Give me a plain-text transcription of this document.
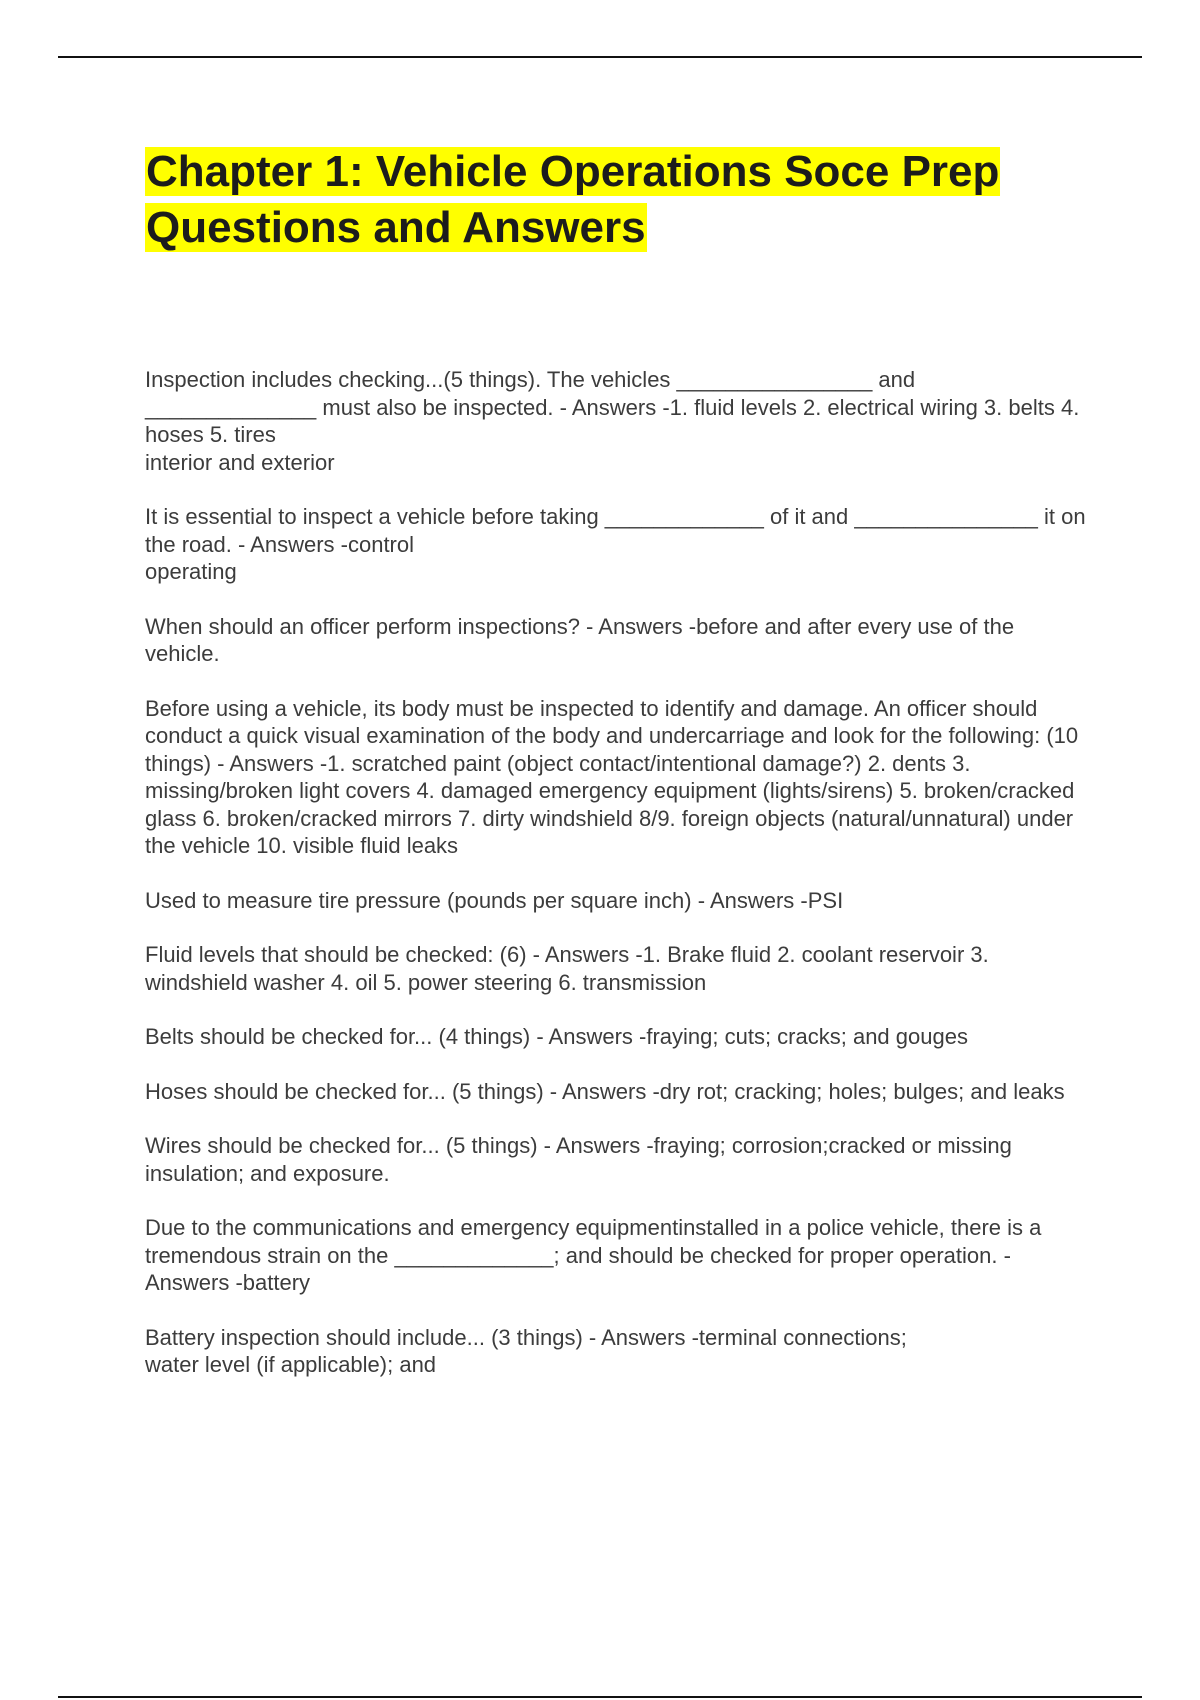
Chapter 1: Vehicle Operations Soce Prep Questions and Answers

Inspection includes checking...(5 things). The vehicles ________________ and ______________ must also be inspected. - Answers -1. fluid levels 2. electrical wiring 3. belts 4. hoses 5. tires
interior and exterior

It is essential to inspect a vehicle before taking _____________ of it and _______________ it on the road. - Answers -control
operating

When should an officer perform inspections? - Answers -before and after every use of the vehicle.

Before using a vehicle, its body must be inspected to identify and damage. An officer should conduct a quick visual examination of the body and undercarriage and look for the following: (10 things) - Answers -1. scratched paint (object contact/intentional damage?) 2. dents 3. missing/broken light covers 4. damaged emergency equipment (lights/sirens) 5. broken/cracked glass 6. broken/cracked mirrors 7. dirty windshield 8/9. foreign objects (natural/unnatural) under the vehicle 10. visible fluid leaks

Used to measure tire pressure (pounds per square inch) - Answers -PSI

Fluid levels that should be checked: (6) - Answers -1. Brake fluid 2. coolant reservoir 3. windshield washer 4. oil 5. power steering 6. transmission

Belts should be checked for... (4 things) - Answers -fraying; cuts; cracks; and gouges

Hoses should be checked for... (5 things) - Answers -dry rot; cracking; holes; bulges; and leaks

Wires should be checked for... (5 things) - Answers -fraying; corrosion;cracked or missing insulation; and exposure.

Due to the communications and emergency equipmentinstalled in a police vehicle, there is a tremendous strain on the _____________; and should be checked for proper operation. - Answers -battery

Battery inspection should include... (3 things) - Answers -terminal connections;
water level (if applicable); and
